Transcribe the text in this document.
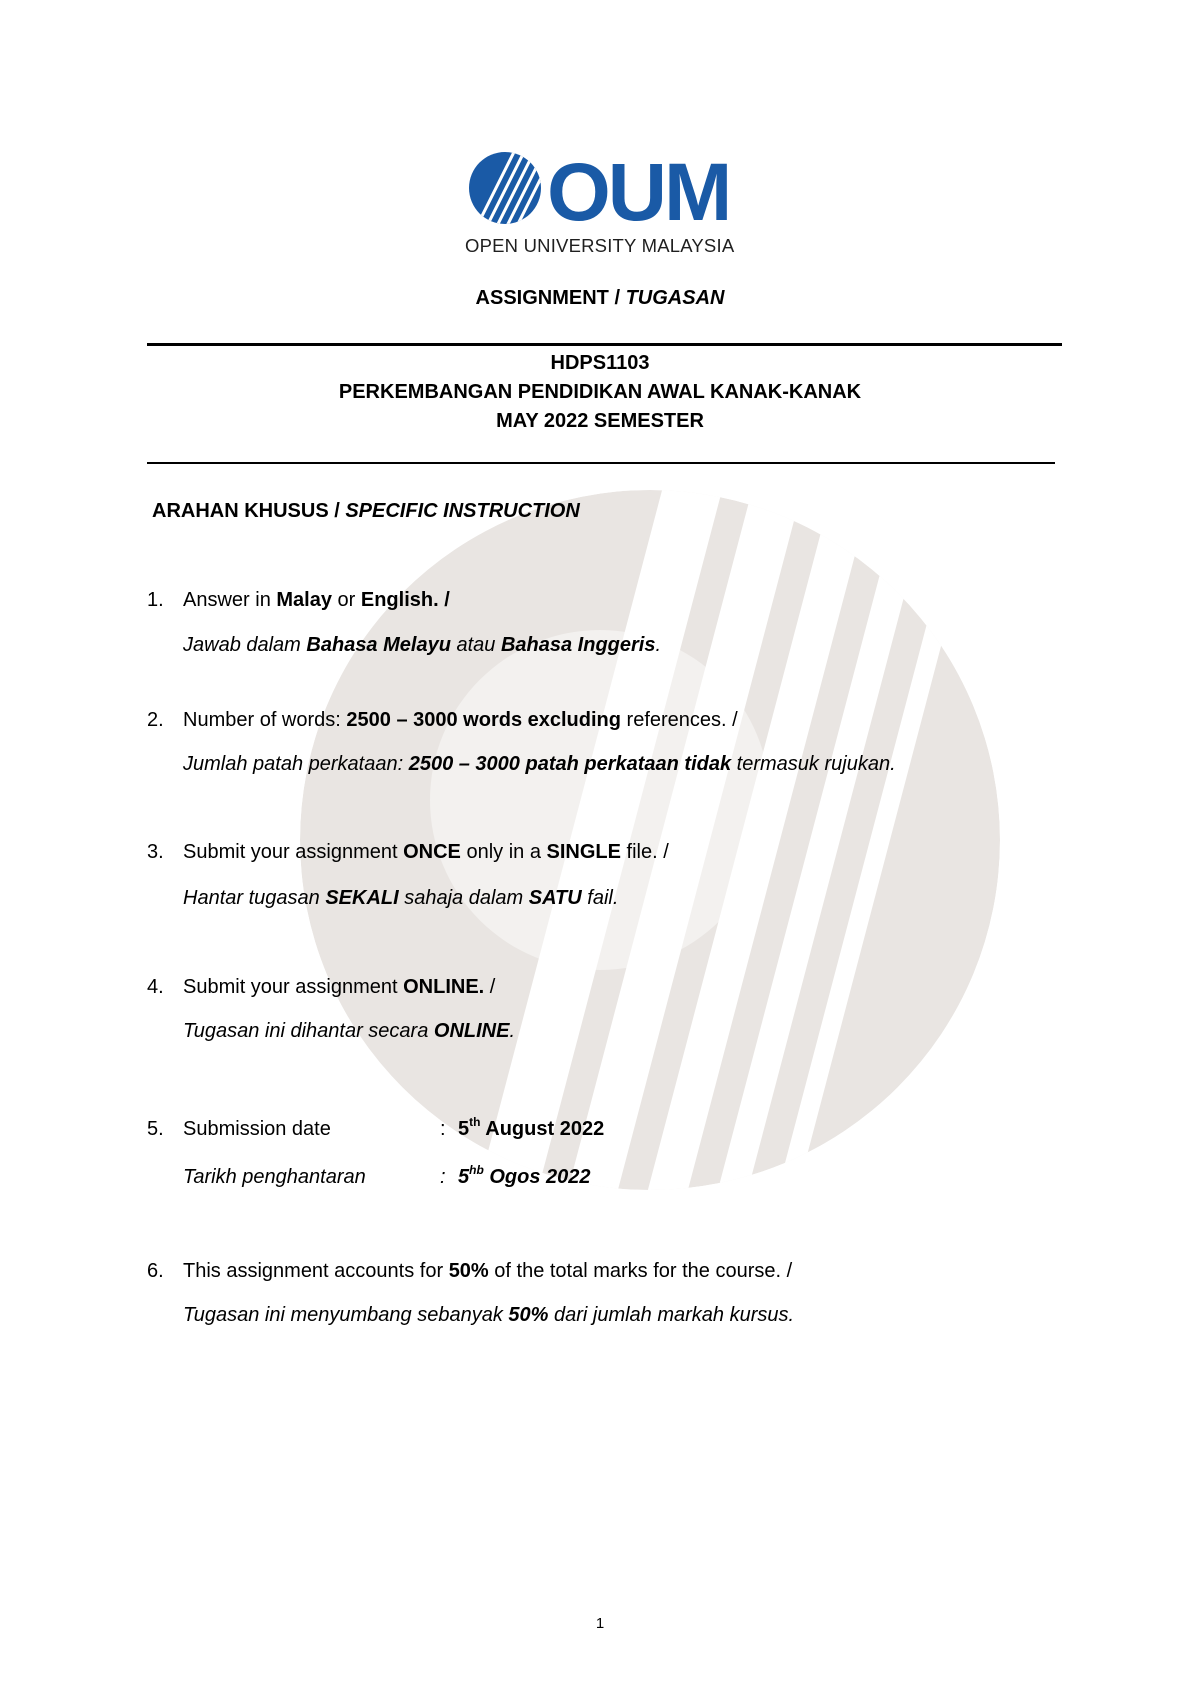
OUM
OPEN UNIVERSITY MALAYSIA
ASSIGNMENT / TUGASAN
HDPS1103
PERKEMBANGAN PENDIDIKAN AWAL KANAK-KANAK
MAY 2022 SEMESTER
ARAHAN KHUSUS / SPECIFIC INSTRUCTION
1. Answer in Malay or English. /
Jawab dalam Bahasa Melayu atau Bahasa Inggeris.
2. Number of words: 2500 – 3000 words excluding references. /
Jumlah patah perkataan: 2500 – 3000 patah perkataan tidak termasuk rujukan.
3. Submit your assignment ONCE only in a SINGLE file. /
Hantar tugasan SEKALI sahaja dalam SATU fail.
4. Submit your assignment ONLINE. /
Tugasan ini dihantar secara ONLINE.
5. Submission date	: 5th August 2022
Tarikh penghantaran	: $5^{hb}$ Ogos 2022
6. This assignment accounts for 50% of the total marks for the course. /
Tugasan ini menyumbang sebanyak 50% dari jumlah markah kursus.
1
